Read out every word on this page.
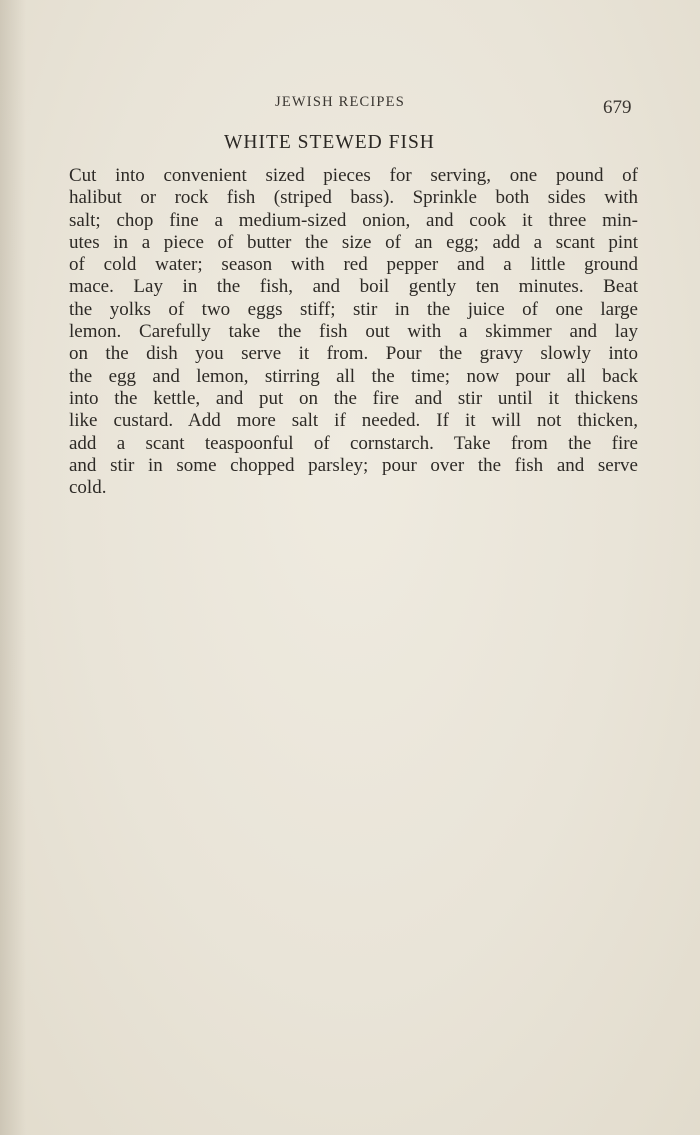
JEWISH RECIPES	679
WHITE STEWED FISH
Cut into convenient sized pieces for serving, one pound of
halibut or rock fish (striped bass). Sprinkle both sides with
salt; chop fine a medium-sized onion, and cook it three min-
utes in a piece of butter the size of an egg; add a scant pint
of cold water; season with red pepper and a little ground
mace. Lay in the fish, and boil gently ten minutes. Beat
the yolks of two eggs stiff; stir in the juice of one large
lemon. Carefully take the fish out with a skimmer and lay
on the dish you serve it from. Pour the gravy slowly into
the egg and lemon, stirring all the time; now pour all back
into the kettle, and put on the fire and stir until it thickens
like custard. Add more salt if needed. If it will not thicken,
add a scant teaspoonful of cornstarch. Take from the fire
and stir in some chopped parsley; pour over the fish and serve
cold.
